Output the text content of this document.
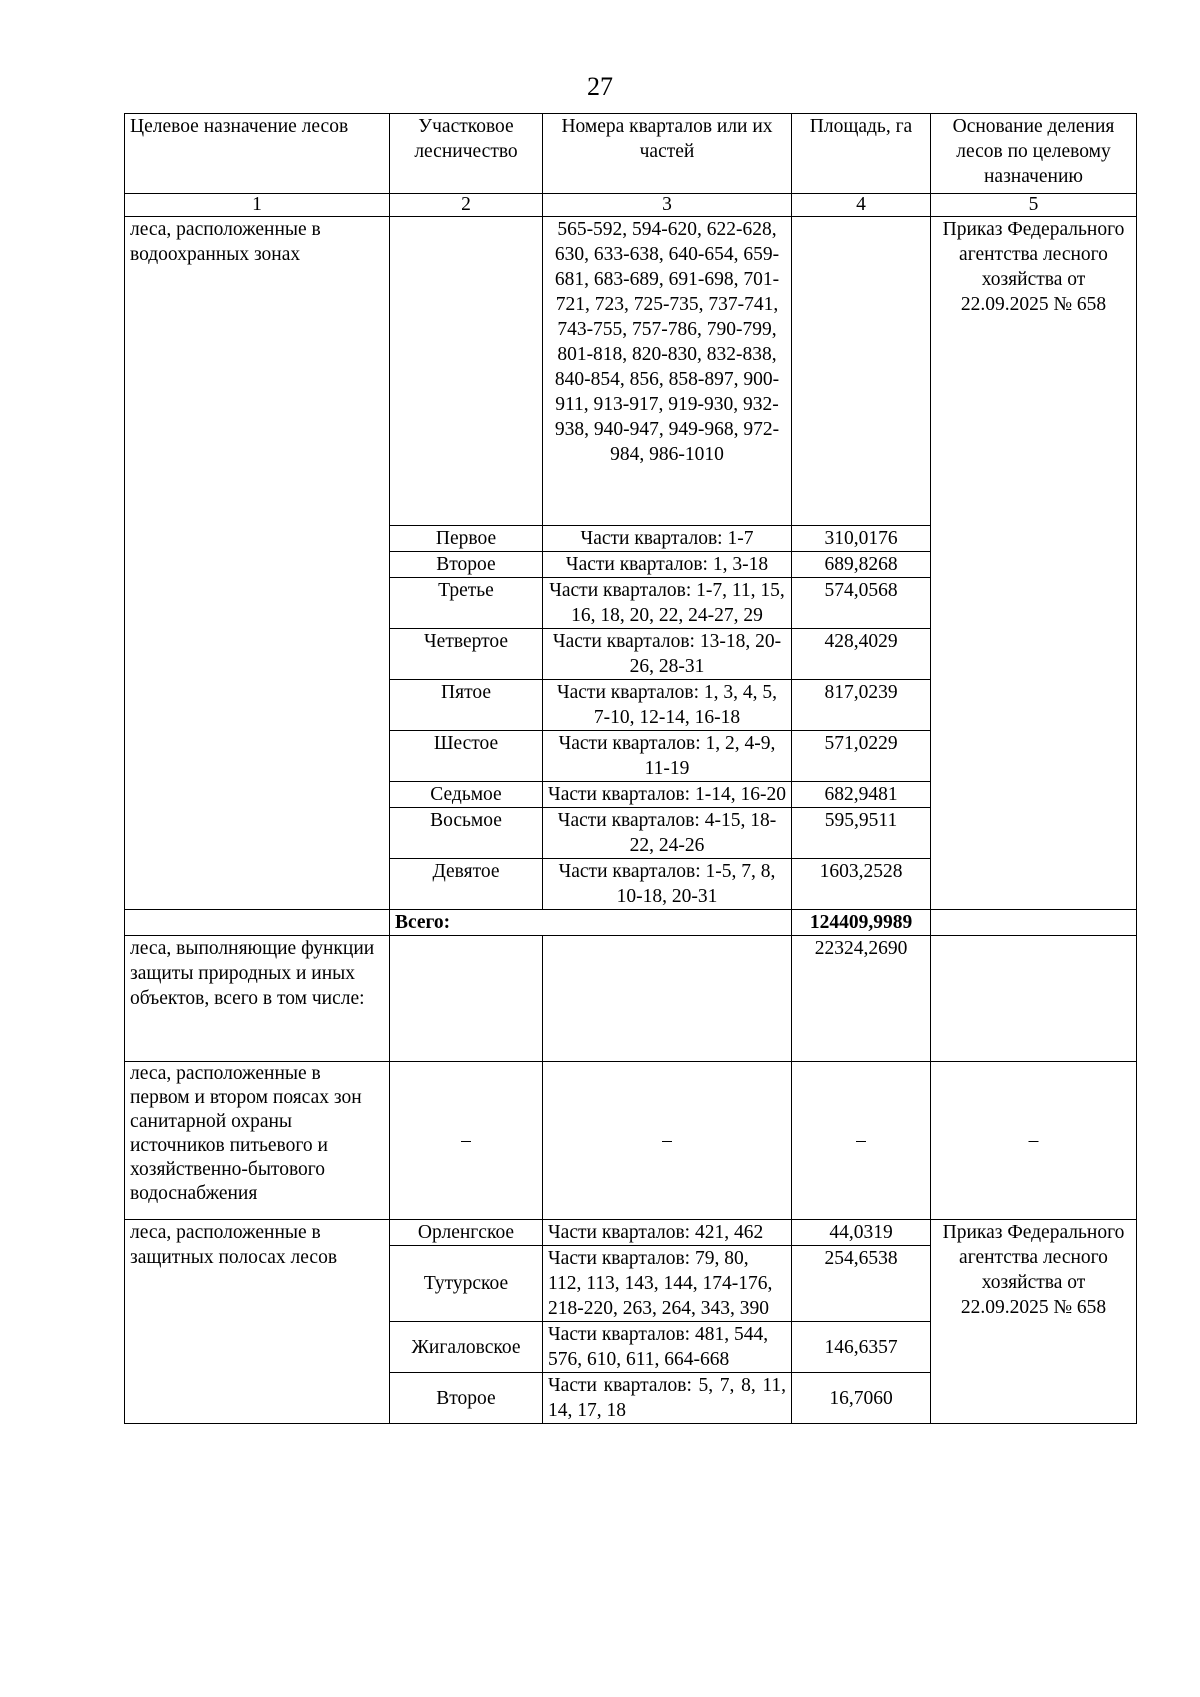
27
Целевое назначение лесов	Участковое лесничество	Номера кварталов или их частей	Площадь, га	Основание деления лесов по целевому назначению
1	2	3	4	5
леса, расположенные в водоохранных зонах		565-592, 594-620, 622-628, 630, 633-638, 640-654, 659-681, 683-689, 691-698, 701-721, 723, 725-735, 737-741, 743-755, 757-786, 790-799, 801-818, 820-830, 832-838, 840-854, 856, 858-897, 900-911, 913-917, 919-930, 932-938, 940-947, 949-968, 972-984, 986-1010		Приказ Федерального агентства лесного хозяйства от 22.09.2025 № 658
	Первое	Части кварталов: 1-7	310,0176	
	Второе	Части кварталов: 1, 3-18	689,8268	
	Третье	Части кварталов: 1-7, 11, 15, 16, 18, 20, 22, 24-27, 29	574,0568	
	Четвертое	Части кварталов: 13-18, 20-26, 28-31	428,4029	
	Пятое	Части кварталов: 1, 3, 4, 5, 7-10, 12-14, 16-18	817,0239	
	Шестое	Части кварталов: 1, 2, 4-9, 11-19	571,0229	
	Седьмое	Части кварталов: 1-14, 16-20	682,9481	
	Восьмое	Части кварталов: 4-15, 18-22, 24-26	595,9511	
	Девятое	Части кварталов: 1-5, 7, 8, 10-18, 20-31	1603,2528	
	Всего:		124409,9989	
леса, выполняющие функции защиты природных и иных объектов, всего в том числе:			22324,2690	
леса, расположенные в первом и втором поясах зон санитарной охраны источников питьевого и хозяйственно-бытового водоснабжения	–	–	–	–
леса, расположенные в защитных полосах лесов	Орленгское	Части кварталов: 421, 462	44,0319	Приказ Федерального агентства лесного хозяйства от 22.09.2025 № 658
	Тутурское	Части кварталов: 79, 80, 112, 113, 143, 144, 174-176, 218-220, 263, 264, 343, 390	254,6538	
	Жигаловское	Части кварталов: 481, 544, 576, 610, 611, 664-668	146,6357	
	Второе	Части кварталов: 5, 7, 8, 11, 14, 17, 18	16,7060	
